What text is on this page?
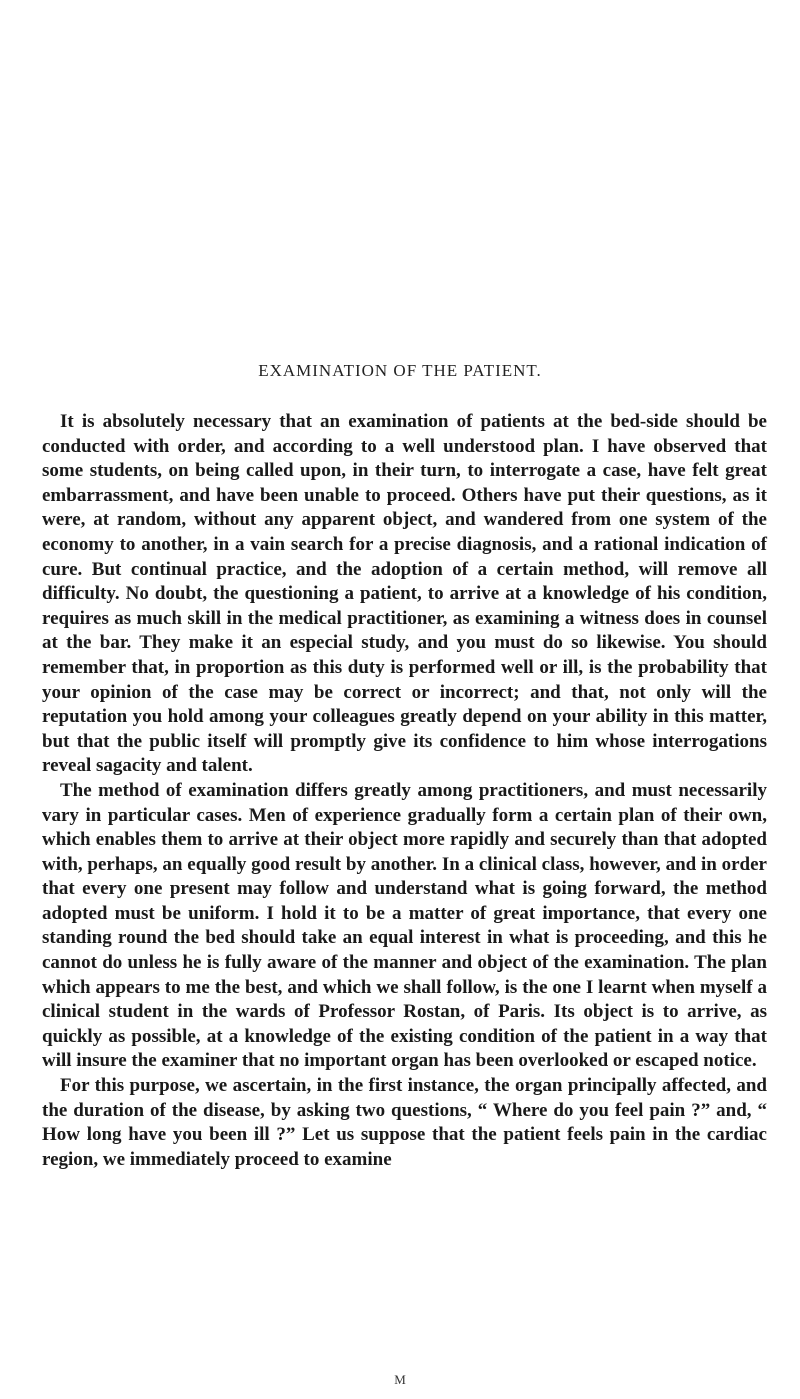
EXAMINATION OF THE PATIENT.

It is absolutely necessary that an examination of patients at the bed-side should be conducted with order, and according to a well understood plan. I have observed that some students, on being called upon, in their turn, to interrogate a case, have felt great embarrassment, and have been unable to proceed. Others have put their questions, as it were, at random, without any apparent object, and wandered from one system of the economy to another, in a vain search for a precise diagnosis, and a rational indication of cure. But continual practice, and the adoption of a certain method, will remove all difficulty. No doubt, the questioning a patient, to arrive at a knowledge of his condition, requires as much skill in the medical practitioner, as examining a witness does in counsel at the bar. They make it an especial study, and you must do so likewise. You should remember that, in proportion as this duty is performed well or ill, is the probability that your opinion of the case may be correct or incorrect; and that, not only will the reputation you hold among your colleagues greatly depend on your ability in this matter, but that the public itself will promptly give its confidence to him whose interrogations reveal sagacity and talent.

The method of examination differs greatly among practitioners, and must necessarily vary in particular cases. Men of experience gradually form a certain plan of their own, which enables them to arrive at their object more rapidly and securely than that adopted with, perhaps, an equally good result by another. In a clinical class, however, and in order that every one present may follow and understand what is going forward, the method adopted must be uniform. I hold it to be a matter of great importance, that every one standing round the bed should take an equal interest in what is proceeding, and this he cannot do unless he is fully aware of the manner and object of the examination. The plan which appears to me the best, and which we shall follow, is the one I learnt when myself a clinical student in the wards of Professor Rostan, of Paris. Its object is to arrive, as quickly as possible, at a knowledge of the existing condition of the patient in a way that will insure the examiner that no important organ has been overlooked or escaped notice.

For this purpose, we ascertain, in the first instance, the organ principally affected, and the duration of the disease, by asking two questions, “ Where do you feel pain ?” and, “ How long have you been ill ?” Let us suppose that the patient feels pain in the cardiac region, we immediately proceed to examine

M
